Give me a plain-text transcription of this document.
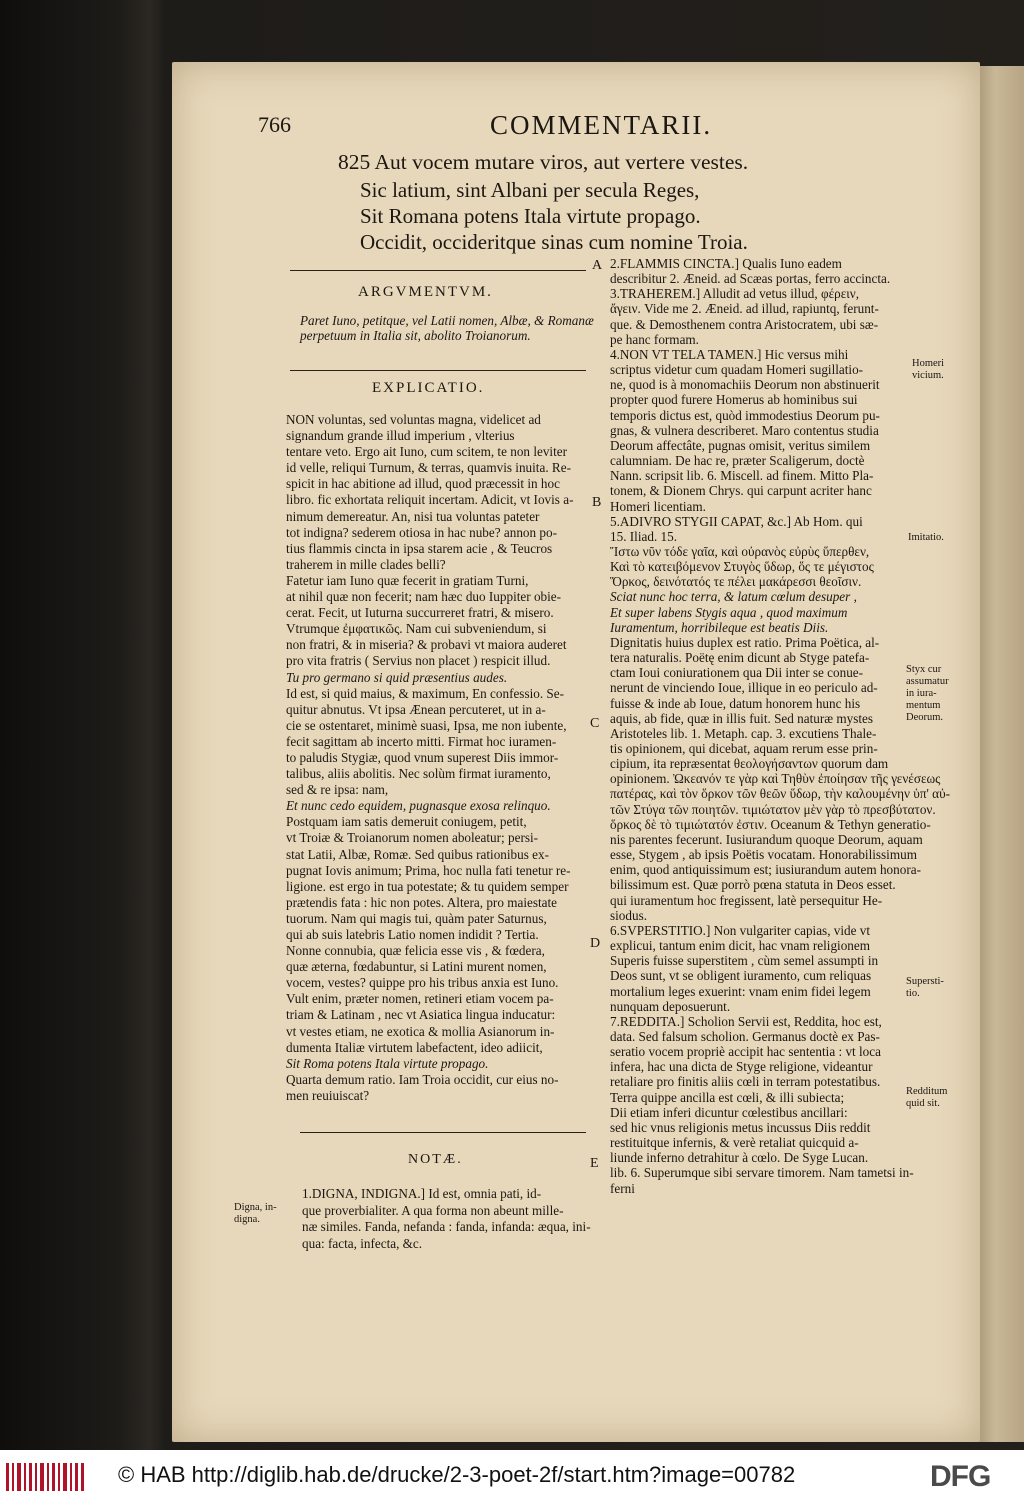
766	COMMENTARII.
825 Aut vocem mutare viros, aut vertere vestes.
Sic latium, sint Albani per secula Reges,
Sit Romana potens Itala virtute propago.
Occidit, occideritque sinas cum nomine Troia.
A
B
C
D
E
ARGVMENTVM.

Paret Iuno, petitque, vel Latii nomen, Albæ, & Romanæ

perpetuum in Italia sit, abolito Troianorum.

EXPLICATIO.

NON voluntas, sed voluntas magna, videlicet ad

signandum grande illud imperium , vlterius

tentare veto. Ergo ait Iuno, cum scitem, te non leviter

id velle, reliqui Turnum, & terras, quamvis inuita. Re-

spicit in hac abitione ad illud, quod præcessit in hoc

libro. fic exhortata reliquit incertam. Adicit, vt Iovis a-

nimum demereatur. An, nisi tua voluntas pateter

tot indigna? sederem otiosa in hac nube? annon po-

tius flammis cincta in ipsa starem acie , & Teucros

traherem in mille clades belli?

Fatetur iam Iuno quæ fecerit in gratiam Turni,

at nihil quæ non fecerit; nam hæc duo Iuppiter obie-

cerat. Fecit, ut Iuturna succurreret fratri, & misero.

Vtrumque ἐμφατικῶς. Nam cui subveniendum, si

non fratri, & in miseria? & probavi vt maiora auderet

pro vita fratris ( Servius non placet ) respicit illud.

Tu pro germano si quid præsentius audes.

Id est, si quid maius, & maximum, En confessio. Se-

quitur abnutus. Vt ipsa Ænean percuteret, ut in a-

cie se ostentaret, minimè suasi, Ipsa, me non iubente,

fecit sagittam ab incerto mitti. Firmat hoc iuramen-

to paludis Stygiæ, quod vnum superest Diis immor-

talibus, aliis abolitis. Nec solùm firmat iuramento,

sed & re ipsa: nam,

Et nunc cedo equidem, pugnasque exosa relinquo.

Postquam iam satis demeruit coniugem, petit,

vt Troiæ & Troianorum nomen aboleatur; persi-

stat Latii, Albæ, Romæ. Sed quibus rationibus ex-

pugnat Iovis animum; Prima, hoc nulla fati tenetur re-

ligione. est ergo in tua potestate; & tu quidem semper

prætendis fata : hic non potes. Altera, pro maiestate

tuorum. Nam qui magis tui, quàm pater Saturnus,

qui ab suis latebris Latio nomen indidit ? Tertia.

Nonne connubia, quæ felicia esse vis , & fœdera,

quæ æterna, fœdabuntur, si Latini murent nomen,

vocem, vestes? quippe pro his tribus anxia est Iuno.

Vult enim, præter nomen, retineri etiam vocem pa-

triam & Latinam , nec vt Asiatica lingua inducatur:

vt vestes etiam, ne exotica & mollia Asianorum in-

dumenta Italiæ virtutem labefactent, ideo adiicit,

Sit Roma potens Itala virtute propago.

Quarta demum ratio. Iam Troia occidit, cur eius no-

men reuiuiscat?

NOTÆ.
Digna, in-
digna.

1.DIGNA, INDIGNA.] Id est, omnia pati, id-

que proverbialiter. A qua forma non abeunt mille-

næ similes. Fanda, nefanda : fanda, infanda: æqua, ini-

qua: facta, infecta, &c.

2.FLAMMIS CINCTA.] Qualis Iuno eadem

describitur 2. Æneid. ad Scæas portas, ferro accincta.

3.TRAHEREM.] Alludit ad vetus illud, φέρειν,

ἄγειν. Vide me 2. Æneid. ad illud, rapiuntq, ferunt-

que. & Demosthenem contra Aristocratem, ubi sæ-

pe hanc formam.

4.NON VT TELA TAMEN.] Hic versus mihi

scriptus videtur cum quadam Homeri sugillatio-

ne, quod is à monomachiis Deorum non abstinuerit

propter quod furere Homerus ab hominibus sui

temporis dictus est, quòd immodestius Deorum pu-

gnas, & vulnera describeret. Maro contentus studia

Deorum affectâte, pugnas omisit, veritus similem

calumniam. De hac re, præter Scaligerum, doctè

Nann. scripsit lib. 6. Miscell. ad finem. Mitto Pla-

tonem, & Dionem Chrys. qui carpunt acriter hanc

Homeri licentiam.

5.ADIVRO STYGII CAPAT, &c.] Ab Hom. qui

15. Iliad. 15.

Ἴστω νῦν τόδε γαῖα, καὶ οὐρανὸς εὐρὺς ὕπερθεν,

Καὶ τὸ κατειβόμενον Στυγὸς ὕδωρ, ὅς τε μέγιστος

Ὅρκος, δεινότατός τε πέλει μακάρεσσι θεοῖσιν.

Sciat nunc hoc terra, & latum cœlum desuper ,

Et super labens Stygis aqua , quod maximum

Iuramentum, horribileque est beatis Diis.

Dignitatis huius duplex est ratio. Prima Poëtica, al-

tera naturalis. Poëtę enim dicunt ab Styge patefa-

ctam Ioui coniurationem qua Dii inter se conue-

nerunt de vinciendo Ioue, illique in eo periculo ad-

fuisse & inde ab Ioue, datum honorem hunc his

aquis, ab fide, quæ in illis fuit. Sed naturæ mystes

Aristoteles lib. 1. Metaph. cap. 3. excutiens Thale-

tis opinionem, qui dicebat, aquam rerum esse prin-

cipium, ita repræsentat θεολογήσαντων quorum dam

opinionem. Ὠκεανόν τε γὰρ καὶ Τηθὺν ἐποίησαν τῆς γενέσεως

πατέρας, καὶ τὸν ὅρκον τῶν θεῶν ὕδωρ, τὴν καλουμένην ὑπ' αὐ-

τῶν Στύγα τῶν ποιητῶν. τιμιώτατον μὲν γὰρ τὸ πρεσβύτατον.

ὅρκος δὲ τὸ τιμιώτατόν ἐστιν. Oceanum & Tethyn generatio-

nis parentes fecerunt. Iusiurandum quoque Deorum, aquam

esse, Stygem , ab ipsis Poëtis vocatam. Honorabilissimum

enim, quod antiquissimum est; iusiurandum autem honora-

bilissimum est. Quæ porrò pœna statuta in Deos esset.

qui iuramentum hoc fregissent, latè persequitur He-

siodus.

6.SVPERSTITIO.] Non vulgariter capias, vide vt

explicui, tantum enim dicit, hac vnam religionem

Superis fuisse superstitem , cùm semel assumpti in

Deos sunt, vt se obligent iuramento, cum reliquas

mortalium leges exuerint: vnam enim fidei legem

nunquam deposuerunt.

7.REDDITA.] Scholion Servii est, Reddita, hoc est,

data. Sed falsum scholion. Germanus doctè ex Pas-

seratio vocem propriè accipit hac sententia : vt loca

infera, hac una dicta de Styge religione, videantur

retaliare pro finitis aliis cœli in terram potestatibus.

Terra quippe ancilla est cœli, & illi subiecta;

Dii etiam inferi dicuntur cœlestibus ancillari:

sed hic vnus religionis metus incussus Diis reddit

restituitque infernis, & verè retaliat quicquid a-

liunde inferno detrahitur à cœlo. De Syge Lucan.

lib. 6. Superumque sibi servare timorem. Nam tametsi in-

ferni

Homeri
vicium.
Imitatio.
Styx cur
assumatur
in iura-
mentum
Deorum.
Supersti-
tio.
Redditum
quid sit.
© HAB http://diglib.hab.de/drucke/2-3-poet-2f/start.htm?image=00782	DFG
